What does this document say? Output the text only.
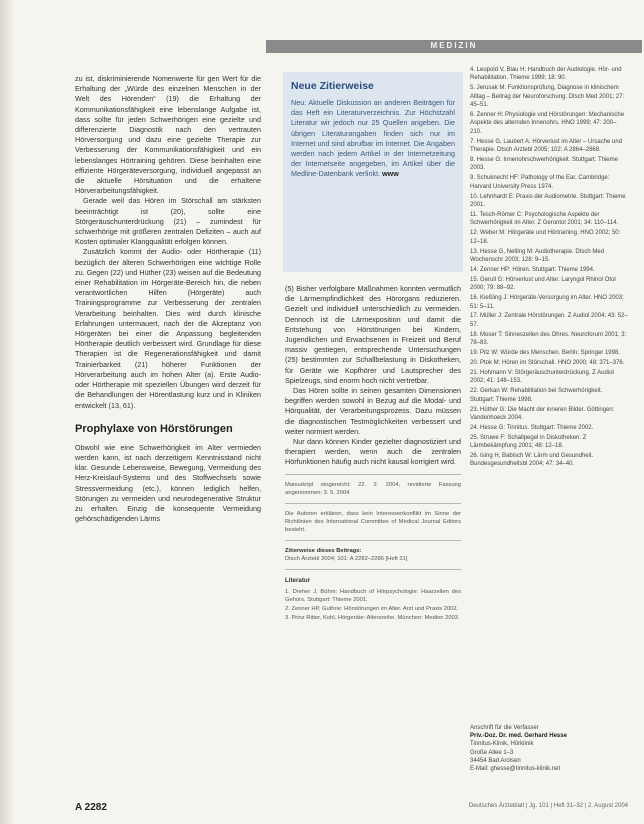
MEDIZIN

zu ist, diskriminierende Nomenwerte für gen Wert für die Erhaltung der „Würde des einzelnen Menschen in der Welt des Hörenden“ (19) die Erhaltung der Kommunikationsfähigkeit eine lebenslange Aufgabe ist, dass sollte für jeden Schwerhörigen eine gezielte und differenzierte Diagnostik nach den vertrauten Hörversorgung und dazu eine gezielte Therapie zur Verbesserung der Kommunikationsfähigkeit und ein lebenslanges Hörtraining gehören. Diese beinhalten eine effiziente Hörgeräteversorgung, individuell angepasst an die aktuelle Hörsituation und die erhaltene Hörverarbeitungsfähigkeit.

Gerade weil das Hören im Störschall am stärksten beeinträchtigt ist (20), sollte eine Störgeräuschunterdrückung (21) – zumindest für schwerhörige mit größeren zentralen Defiziten – auch auf Kosten optimaler Klangqualität erfolgen können.

Zusätzlich kommt der Audio- oder Hörtherapie (11) bezüglich der älteren Schwerhörigen eine wichtige Rolle zu. Gegen (22) und Hüther (23) weisen auf die Bedeutung einer Rehabilitation im Hörgeräte-Bereich hin, die neben verantwortlichen Hilfen (Hörgeräte) auch Trainingsprogramme zur Verbesserung der zentralen Verarbeitung beinhalten. Dies wird durch klinische Erfahrungen untermauert, nach der die Akzeptanz von Hörgeräten bei einer die Anpassung begleitenden Hörtherapie deutlich verbessert wird. Grundlage für diese Therapien ist die Regenerationsfähigkeit und damit Trainierbarkeit (21) höherer Funktionen der Hörverarbeitung auch im hohen Alter (a). Erste Audio- oder Hörtherapie mit speziellen Übungen wird derzeit für die Behandlungen der Hörentlastung kurz und in Kliniken entwickelt (13, 61).

Prophylaxe von Hörstörungen

Obwohl wie eine Schwerhörigkeit im Alter vermieden werden kann, ist nach derzeitigem Kenntnisstand nicht klar. Gesunde Lebensweise, Bewegung, Vermeidung des Herz-Kreislauf-Systems und des Stoffwechsels sowie Stressvermeidung (etc.), können lediglich helfen, Störungen zu vermeiden und neurodegenerative Struktur zu erhalten. Einzig die konsequente Vermeidung gehörschädigenden Lärms

Neue Zitierweise
Neu: Aktuelle Diskussion an anderen Beiträgen für das Heft ein Literaturverzeichnis. Zur Höchstzahl Literatur wir jedoch nur 25 Quellen angeben. Die übrigen Literaturangaben finden sich nur im Internet und sind abrufbar im Internet. Die Angaben werden nach jedem Artikel in der Internetzeitung der Internetseite angegeben, im Artikel über die Medline-Datenbank verlinkt. www

(5) Bisher verfolgbare Maßnahmen konnten vermutlich die Lärmempfindlichkeit des Hörorgans reduzieren. Gezielt und individuell unterschiedlich zu vermeiden. Dennoch ist die Lärmexposition und damit die Entstehung von Hörstörungen bei Kindern, Jugendlichen und Erwachsenen in Freizeit und Beruf massiv gestiegen, entsprechende Untersuchungen (25) bestimmten zur Schallbelastung in Diskotheken, für Geräte wie Kopfhörer und Lautsprecher des Spielzeugs, sind enorm hoch nicht vertretbar.

Das Hören sollte in seinen gesamten Dimensionen begriffen werden sowohl in Bezug auf die Modal- und Hörqualität, der Verarbeitungsprozess. Dazu müssen die diagnostischen Testmöglichkeiten verbessert und weiter normiert werden.

Nur dann können Kinder gezielter diagnostiziert und therapiert werden, wenn auch die zentralen Hörfunktionen häufig auch nicht kausal korrigiert wird.

Manuskript eingereicht: 22. 2. 2004, revidierte Fassung angenommen: 3. 5. 2004
Die Autoren erklären, dass kein Interessenkonflikt im Sinne der Richtlinien des International Committee of Medical Journal Editors besteht.
Zitierweise dieses Beitrags:
Dtsch Ärztebl 2004; 101: A 2282–2286 [Heft 31]
Literatur
1. Dreher J, Bühm: Handbuch of Hörpsychologie: Haarzellen des Gehörs. Stuttgart: Thieme 2001.
2. Zenner HP, Guthrie: Hörstörungen im Alter. Arzt und Praxis 2002.
3. Prinz Ritter, Kohl, Hörgeräte: Altersreihe. München: Medien 2003.
4. Leupold V, Blau H: Handbuch der Audiologie. Hör- und Rehabilitation. Thieme 1999; 18: 90.
5. Jerusak M: Funktionsprüfung, Diagnose in klinischem Alltag – Beitrag der Neuroforschung. Dtsch Med 2001; 27: 45–51.
6. Zenner H: Physiologie und Hörstörungen: Mechanische Aspekte des alternden Innenohrs. HNO 1999; 47: 200–210.
7. Hesse G, Laubert A: Hörverlust im Alter – Ursache und Therapie. Dtsch Arztebl 2005; 102: A 2864–2868.
8. Hesse G: Innenohrschwerhörigkeit. Stuttgart: Thieme 2003.
9. Schuknecht HF: Pathology of the Ear. Cambridge: Harvard University Press 1974.
10. Lehnhardt E: Praxis der Audiometrie. Stuttgart: Thieme 2001.
11. Tesch-Römer C: Psychologische Aspekte der Schwerhörigkeit im Alter. Z Gerontol 2001; 34: 110–114.
12. Weber M: Hörgeräte und Hörtraining. HNO 2002; 50: 12–18.
13. Hesse G, Nelting M: Audiotherapie. Dtsch Med Wochenschr 2003; 128: 9–15.
14. Zenner HP: Hören. Stuttgart: Thieme 1994.
15. Gerull G: Hörverlust und Alter. Laryngol Rhinol Otol 2000; 79: 88–92.
16. Kießling J: Hörgeräte-Versorgung im Alter. HNO 2003; 51: 5–11.
17. Müller J: Zentrale Hörstörungen. Z Audiol 2004; 43: 52–57.
18. Moser T: Sinneszellen des Ohres. Neuroforum 2001; 3: 78–83.
19. Pilz W: Würde des Menschen. Berlin: Springer 1998.
20. Ptok M: Hören im Störschall. HNO 2000; 48: 371–376.
21. Hohmann V: Störgeräuschunterdrückung. Z Audiol 2002; 41: 148–153.
22. Gerkan W: Rehabilitation bei Schwerhörigkeit. Stuttgart: Thieme 1998.
23. Hüther G: Die Macht der inneren Bilder. Göttingen: Vandenhoeck 2004.
24. Hesse G: Tinnitus. Stuttgart: Thieme 2002.
25. Struwe F: Schallpegel in Diskotheken. Z Lärmbekämpfung 2001; 48: 12–18.
26. Ising H, Babisch W: Lärm und Gesundheit. Bundesgesundheitsbl 2004; 47: 34–40.
Anschrift für die Verfasser
Priv.-Doz. Dr. med. Gerhard Hesse
Tinnitus-Klinik, Hörklinik
Große Allee 1–3
34454 Bad Arolsen
E-Mail: ghesse@tinnitus-klinik.net
A 2282	Deutsches Ärzteblatt | Jg. 101 | Heft 31–32 | 2. August 2004
